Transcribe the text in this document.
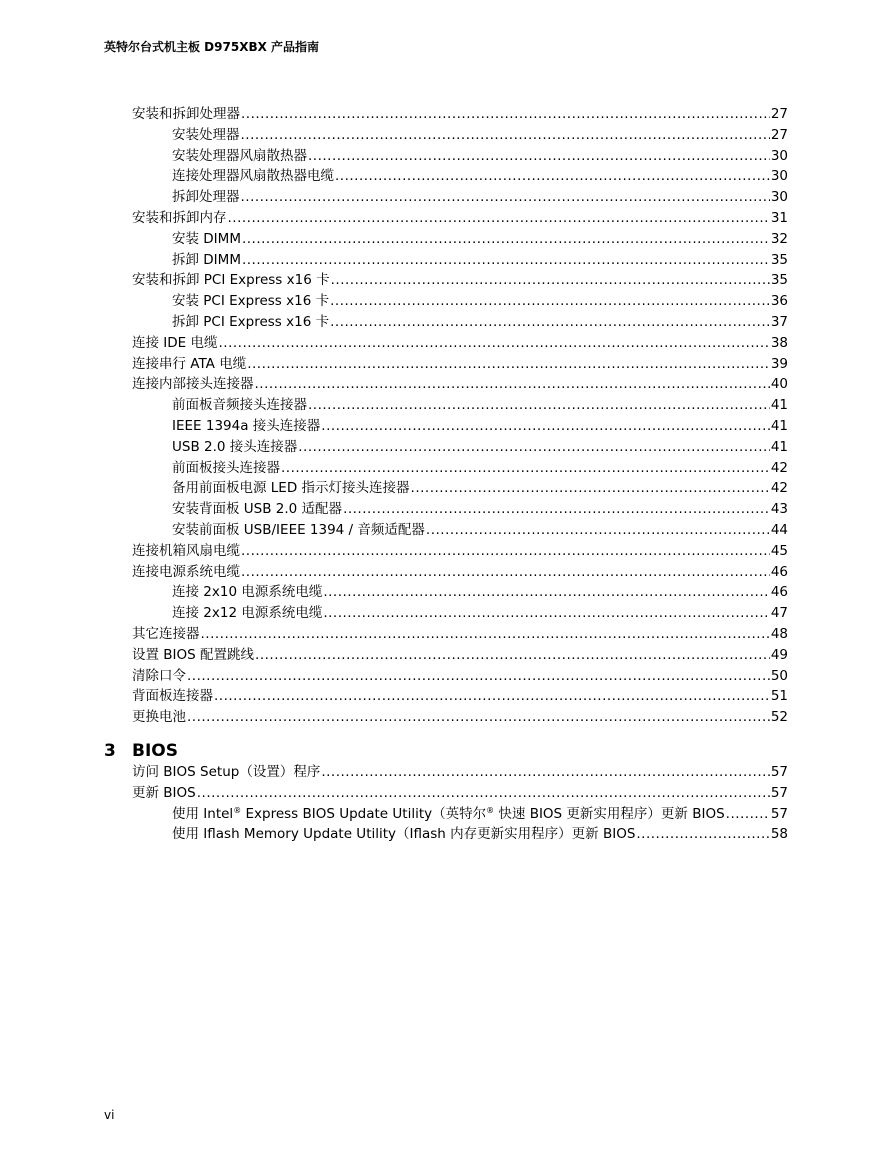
英特尔台式机主板 D975XBX 产品指南
安装和拆卸处理器 .....	27
安装处理器 .....	27
安装处理器风扇散热器 .....	30
连接处理器风扇散热器电缆 .....	30
拆卸处理器 .....	30
安装和拆卸内存 .....	31
安装 DIMM .....	32
拆卸 DIMM .....	35
安装和拆卸 PCI Express x16 卡 .....	35
安装 PCI Express x16 卡 .....	36
拆卸 PCI Express x16 卡 .....	37
连接 IDE 电缆 .....	38
连接串行 ATA 电缆 .....	39
连接内部接头连接器 .....	40
前面板音频接头连接器 .....	41
IEEE 1394a 接头连接器 .....	41
USB 2.0 接头连接器 .....	41
前面板接头连接器 .....	42
备用前面板电源 LED 指示灯接头连接器 .....	42
安装背面板 USB 2.0 适配器 .....	43
安装前面板 USB/IEEE 1394 / 音频适配器 .....	44
连接机箱风扇电缆 .....	45
连接电源系统电缆 .....	46
连接 2x10 电源系统电缆 .....	46
连接 2x12 电源系统电缆 .....	47
其它连接器 .....	48
设置 BIOS 配置跳线 .....	49
清除口令 .....	50
背面板连接器 .....	51
更换电池 .....	52
3 BIOS
访问 BIOS Setup（设置）程序 .....	57
更新 BIOS .....	57
使用 Intel® Express BIOS Update Utility（英特尔® 快速 BIOS 更新实用程序）更新 BIOS .....	57
使用 Iflash Memory Update Utility（Iflash 内存更新实用程序）更新 BIOS .....	58
vi
